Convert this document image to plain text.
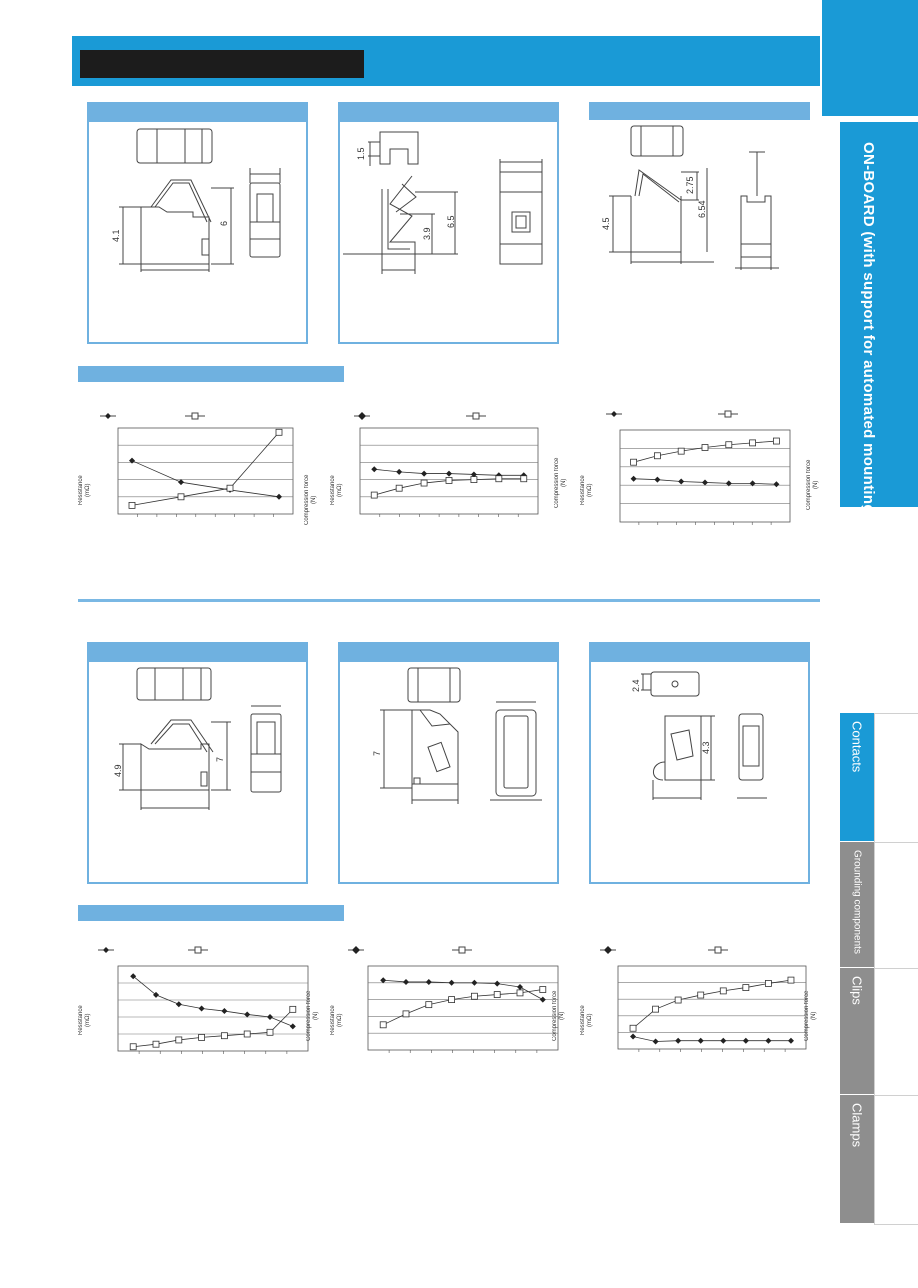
ON-BOARD (with support for automated mounting)
Contacts
Grounding components
Clips
Clamps
4.1
6
1.5
3.9
6.5	4.5
2.75
6.54
Resistance
(mΩ)	Compression force
(N) Resistance
(mΩ)	Compression force
(N) Resistance
(mΩ)	Compression force
(N)
4.9
7
7
2.4
4.3
Resistance
(mΩ)	Compression force
(N) Resistance
(mΩ)	Compression force
(N)	Resistance
(mΩ)	Compression force
(N)
